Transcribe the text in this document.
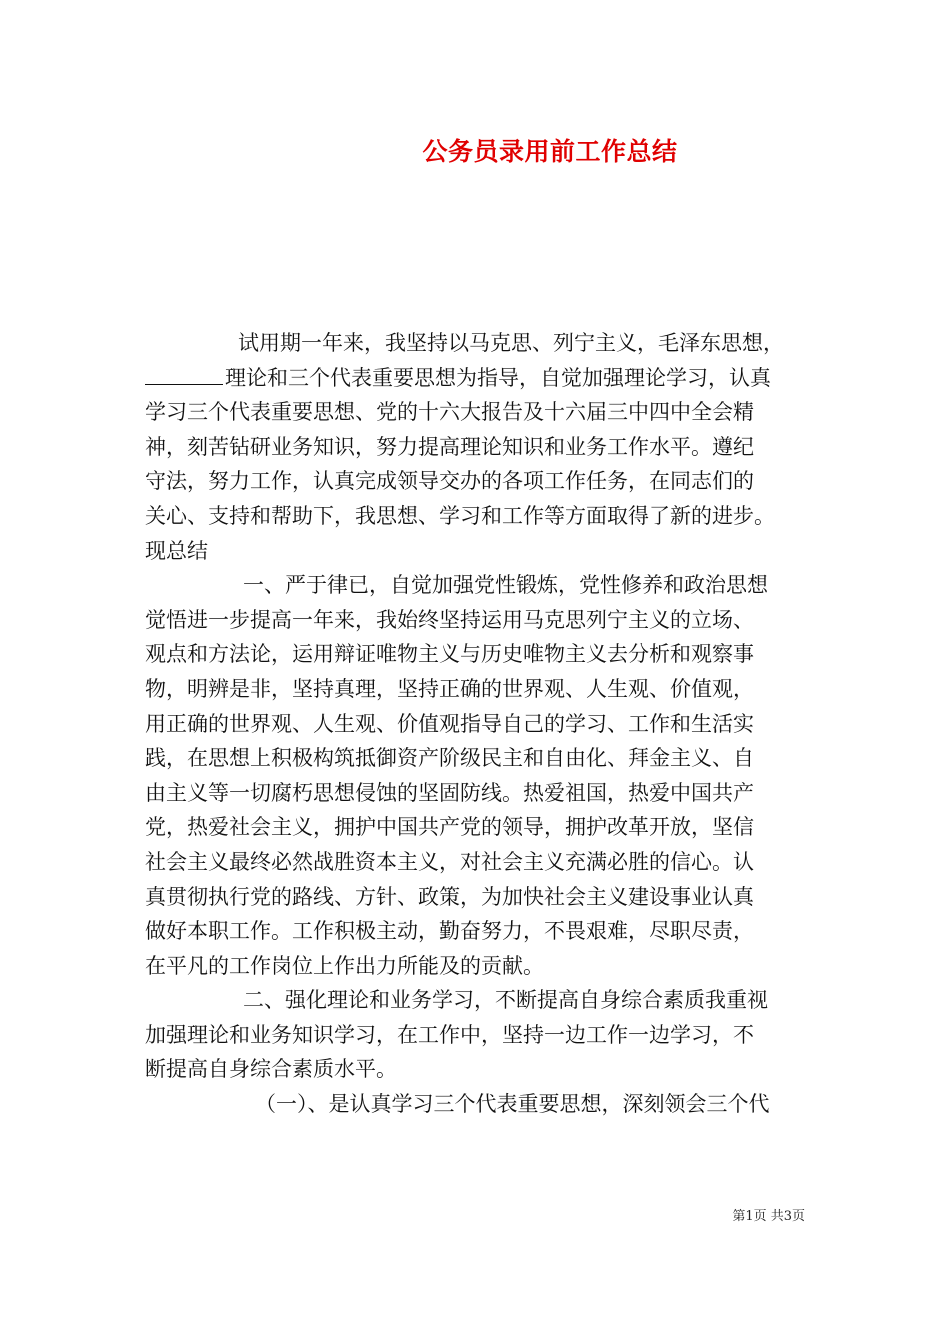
公务员录用前工作总结
试用期一年来，我坚持以马克思、列宁主义，毛泽东思想，
理论和三个代表重要思想为指导，自觉加强理论学习，认真
学习三个代表重要思想、党的十六大报告及十六届三中四中全会精
神，刻苦钻研业务知识，努力提高理论知识和业务工作水平。遵纪
守法，努力工作，认真完成领导交办的各项工作任务，在同志们的
关心、支持和帮助下，我思想、学习和工作等方面取得了新的进步。
现总结
一、严于律已，自觉加强党性锻炼，党性修养和政治思想
觉悟进一步提高一年来，我始终坚持运用马克思列宁主义的立场、
观点和方法论，运用辩证唯物主义与历史唯物主义去分析和观察事
物，明辨是非，坚持真理，坚持正确的世界观、人生观、价值观，
用正确的世界观、人生观、价值观指导自己的学习、工作和生活实
践，在思想上积极构筑抵御资产阶级民主和自由化、拜金主义、自
由主义等一切腐朽思想侵蚀的坚固防线。热爱祖国，热爱中国共产
党，热爱社会主义，拥护中国共产党的领导，拥护改革开放，坚信
社会主义最终必然战胜资本主义，对社会主义充满必胜的信心。认
真贯彻执行党的路线、方针、政策，为加快社会主义建设事业认真
做好本职工作。工作积极主动，勤奋努力，不畏艰难，尽职尽责，
在平凡的工作岗位上作出力所能及的贡献。
二、强化理论和业务学习，不断提高自身综合素质我重视
加强理论和业务知识学习，在工作中，坚持一边工作一边学习，不
断提高自身综合素质水平。
（一）、是认真学习三个代表重要思想，深刻领会三个代
第1页 共3页
